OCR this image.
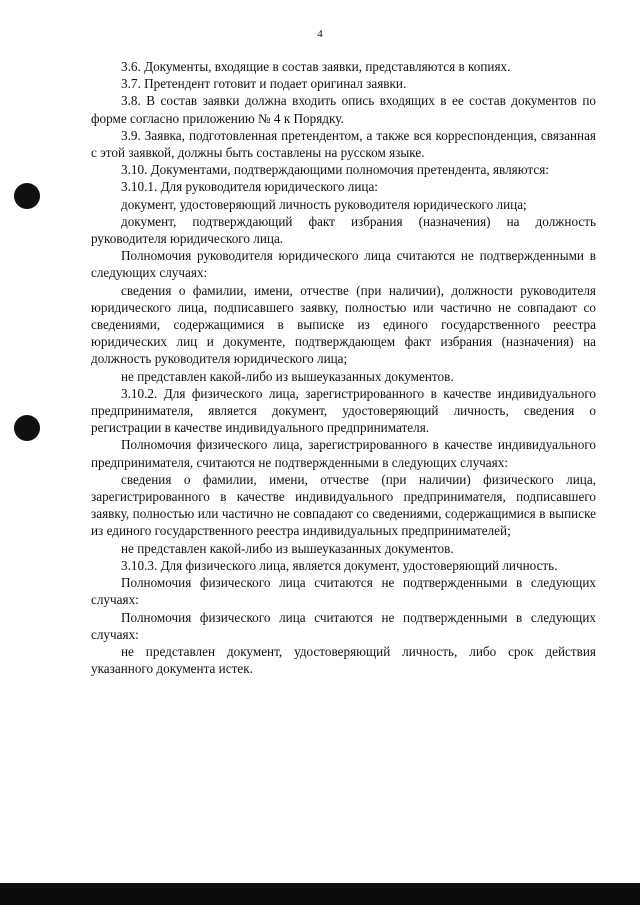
4

3.6. Документы, входящие в состав заявки, представляются в копиях.

3.7. Претендент готовит и подает оригинал заявки.

3.8. В состав заявки должна входить опись входящих в ее состав документов по форме согласно приложению № 4 к Порядку.

3.9. Заявка, подготовленная претендентом, а также вся корреспонденция, связанная с этой заявкой, должны быть составлены на русском языке.

3.10. Документами, подтверждающими полномочия претендента, являются:

3.10.1. Для руководителя юридического лица:

документ, удостоверяющий личность руководителя юридического лица;

документ, подтверждающий факт избрания (назначения) на должность руководителя юридического лица.

Полномочия руководителя юридического лица считаются не подтвержденными в следующих случаях:

сведения о фамилии, имени, отчестве (при наличии), должности руководителя юридического лица, подписавшего заявку, полностью или частично не совпадают со сведениями, содержащимися в выписке из единого государственного реестра юридических лиц и документе, подтверждающем факт избрания (назначения) на должность руководителя юридического лица;

не представлен какой-либо из вышеуказанных документов.

3.10.2. Для физического лица, зарегистрированного в качестве индивидуального предпринимателя, является документ, удостоверяющий личность, сведения о регистрации в качестве индивидуального предпринимателя.

Полномочия физического лица, зарегистрированного в качестве индивидуального предпринимателя, считаются не подтвержденными в следующих случаях:

сведения о фамилии, имени, отчестве (при наличии) физического лица, зарегистрированного в качестве индивидуального предпринимателя, подписавшего заявку, полностью или частично не совпадают со сведениями, содержащимися в выписке из единого государственного реестра индивидуальных предпринимателей;

не представлен какой-либо из вышеуказанных документов.

3.10.3. Для физического лица, является документ, удостоверяющий личность.

Полномочия физического лица считаются не подтвержденными в следующих случаях:

Полномочия физического лица считаются не подтвержденными в следующих случаях:

не представлен документ, удостоверяющий личность, либо срок действия указанного документа истек.
